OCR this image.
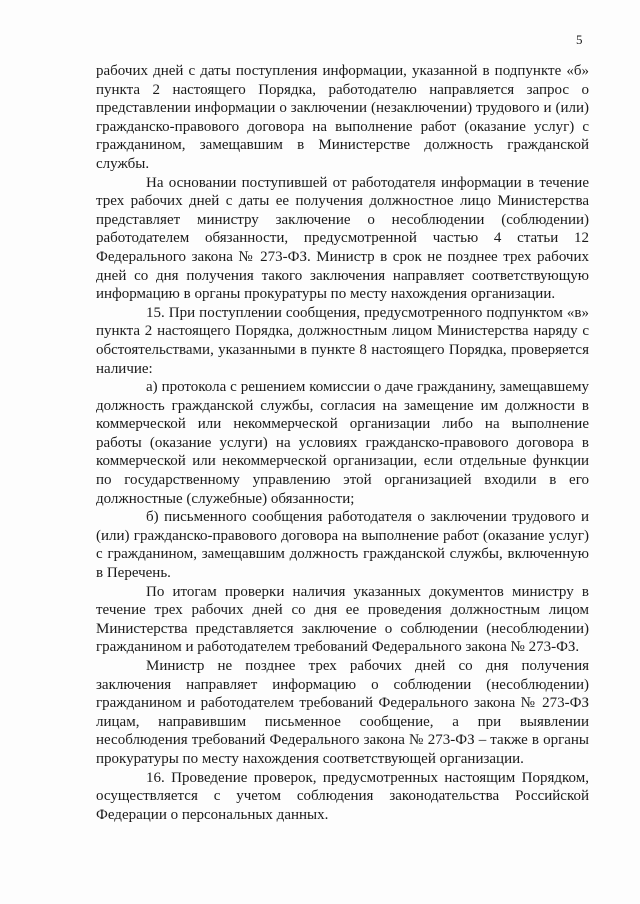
5

рабочих дней с даты поступления информации, указанной в подпункте «б» пункта 2 настоящего Порядка, работодателю направляется запрос о представлении информации о заключении (незаключении) трудового и (или) гражданско-правового договора на выполнение работ (оказание услуг) с гражданином, замещавшим в Министерстве должность гражданской службы.

На основании поступившей от работодателя информации в течение трех рабочих дней с даты ее получения должностное лицо Министерства представляет министру заключение о несоблюдении (соблюдении) работодателем обязанности, предусмотренной частью 4 статьи 12 Федерального закона № 273-ФЗ. Министр в срок не позднее трех рабочих дней со дня получения такого заключения направляет соответствующую информацию в органы прокуратуры по месту нахождения организации.

15. При поступлении сообщения, предусмотренного подпунктом «в» пункта 2 настоящего Порядка, должностным лицом Министерства наряду с обстоятельствами, указанными в пункте 8 настоящего Порядка, проверяется наличие:

а) протокола с решением комиссии о даче гражданину, замещавшему должность гражданской службы, согласия на замещение им должности в коммерческой или некоммерческой организации либо на выполнение работы (оказание услуги) на условиях гражданско-правового договора в коммерческой или некоммерческой организации, если отдельные функции по государственному управлению этой организацией входили в его должностные (служебные) обязанности;

б) письменного сообщения работодателя о заключении трудового и (или) гражданско-правового договора на выполнение работ (оказание услуг) с гражданином, замещавшим должность гражданской службы, включенную в Перечень.

По итогам проверки наличия указанных документов министру в течение трех рабочих дней со дня ее проведения должностным лицом Министерства представляется заключение о соблюдении (несоблюдении) гражданином и работодателем требований Федерального закона № 273-ФЗ.

Министр не позднее трех рабочих дней со дня получения заключения направляет информацию о соблюдении (несоблюдении) гражданином и работодателем требований Федерального закона № 273-ФЗ лицам, направившим письменное сообщение, а при выявлении несоблюдения требований Федерального закона № 273-ФЗ – также в органы прокуратуры по месту нахождения соответствующей организации.

16. Проведение проверок, предусмотренных настоящим Порядком, осуществляется с учетом соблюдения законодательства Российской Федерации о персональных данных.
